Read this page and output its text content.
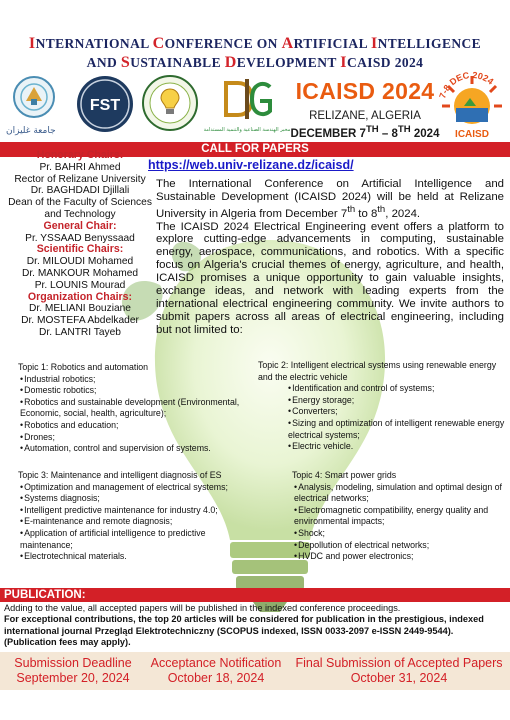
INTERNATIONAL CONFERENCE ON ARTIFICIAL INTELLIGENCE
AND SUSTAINABLE DEVELOPMENT ICAISD 2024
جامعة غليزان
FST
مخبر الهندسة الصناعية والتنمية المستدامة
ICAISD 2024
RELIZANE, ALGERIA
DECEMBER 7TH – 8TH 2024
7-8 DEC 2024
ICAISD
CALL FOR PAPERS
https://web.univ-relizane.dz/icaisd/
Honorary Chairs:
Pr. BAHRI Ahmed
Rector of Relizane University
Dr. BAGHDADI Djillali
Dean of the Faculty of Sciences
and Technology
General Chair:
Pr. YSSAAD Benyssaad
Scientific Chairs:
Dr. MILOUDI Mohamed
Dr. MANKOUR Mohamed
Pr. LOUNIS Mourad
Organization Chairs:
Dr. MELIANI Bouziane
Dr. MOSTEFA Abdelkader
Dr. LANTRI Tayeb

The International Conference on Artificial Intelligence and Sustainable Development (ICAISD 2024) will be held at Relizane University in Algeria from December 7th to 8th, 2024.

The ICAISD 2024 Electrical Engineering event offers a platform to explore cutting-edge advancements in computing, sustainable energy, aerospace, communications, and robotics. With a specific focus on Algeria's crucial themes of energy, agriculture, and health, ICAISD promises a unique opportunity to gain valuable insights, exchange ideas, and network with leading experts from the international electrical engineering community. We invite authors to submit papers across all areas of electrical engineering, including but not limited to:

Topic 1: Robotics and automation
• Industrial robotics;
• Domestic robotics;
• Robotics and sustainable development (Environmental, Economic, social, health, agriculture);
• Robotics and education;
• Drones;
• Automation, control and supervision of systems.
Topic 2: Intelligent electrical systems using renewable energy and the electric vehicle
• Identification and control of systems;
• Energy storage;
• Converters;
• Sizing and optimization of intelligent renewable energy electrical systems;
• Electric vehicle.
Topic 3: Maintenance and intelligent diagnosis of ES
• Optimization and management of electrical systems;
• Systems diagnosis;
• Intelligent predictive maintenance for industry 4.0;
• E-maintenance and remote diagnosis;
• Application of artificial intelligence to predictive maintenance;
• Electrotechnical materials.
Topic 4: Smart power grids
• Analysis, modeling, simulation and optimal design of electrical networks;
• Electromagnetic compatibility, energy quality and environmental impacts;
• Shock;
• Depollution of electrical networks;
• HVDC and power electronics;
PUBLICATION:
Adding to the value, all accepted papers will be published in the indexed conference proceedings.
For exceptional contributions, the top 20 articles will be considered for publication in the prestigious, indexed international journal Przegląd Elektrotechniczny (SCOPUS indexed, ISSN 0033-2097 e-ISSN 2449-9544). (Publication fees may apply).
Submission Deadline
September 20, 2024
Acceptance Notification
October 18, 2024
Final Submission of Accepted Papers
October 31, 2024
